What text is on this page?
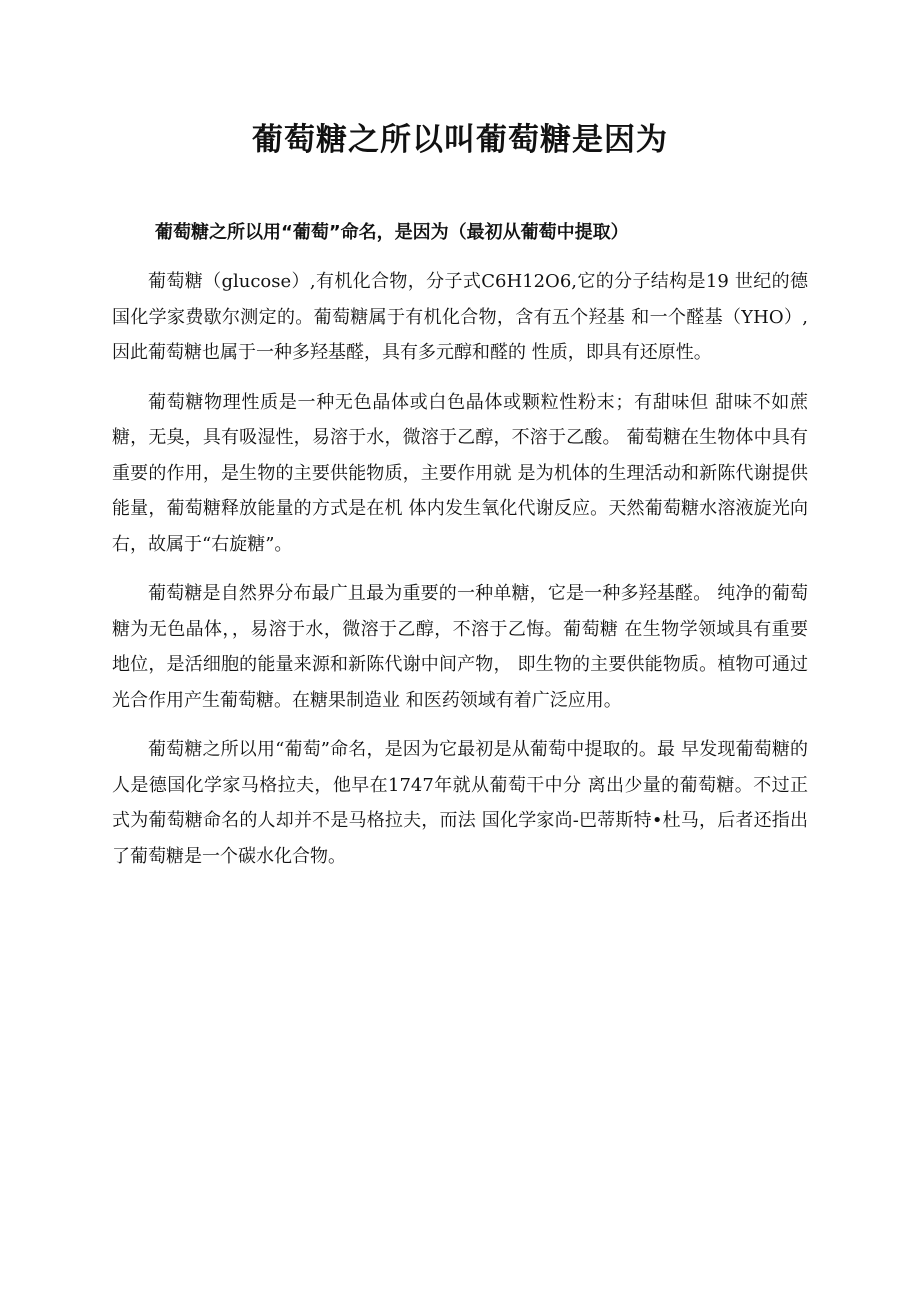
葡萄糖之所以叫葡萄糖是因为

葡萄糖之所以用“葡萄”命名，是因为（最初从葡萄中提取）

葡萄糖（glucose）,有机化合物，分子式C6H12O6,它的分子结构是19 世纪的德国化学家费歇尔测定的。葡萄糖属于有机化合物，含有五个羟基 和一个醛基（YHO）,因此葡萄糖也属于一种多羟基醛，具有多元醇和醛的 性质，即具有还原性。

葡萄糖物理性质是一种无色晶体或白色晶体或颗粒性粉末；有甜味但 甜味不如蔗糖，无臭，具有吸湿性，易溶于水，微溶于乙醇，不溶于乙酸。 葡萄糖在生物体中具有重要的作用，是生物的主要供能物质，主要作用就 是为机体的生理活动和新陈代谢提供能量，葡萄糖释放能量的方式是在机 体内发生氧化代谢反应。天然葡萄糖水溶液旋光向右，故属于“右旋糖”。

葡萄糖是自然界分布最广且最为重要的一种单糖，它是一种多羟基醛。 纯净的葡萄糖为无色晶体，，易溶于水，微溶于乙醇，不溶于乙悔。葡萄糖 在生物学领域具有重要地位，是活细胞的能量来源和新陈代谢中间产物， 即生物的主要供能物质。植物可通过光合作用产生葡萄糖。在糖果制造业 和医药领域有着广泛应用。

葡萄糖之所以用“葡萄”命名，是因为它最初是从葡萄中提取的。最 早发现葡萄糖的人是德国化学家马格拉夫，他早在1747年就从葡萄干中分 离出少量的葡萄糖。不过正式为葡萄糖命名的人却并不是马格拉夫，而法 国化学家尚-巴蒂斯特•杜马，后者还指出了葡萄糖是一个碳水化合物。
